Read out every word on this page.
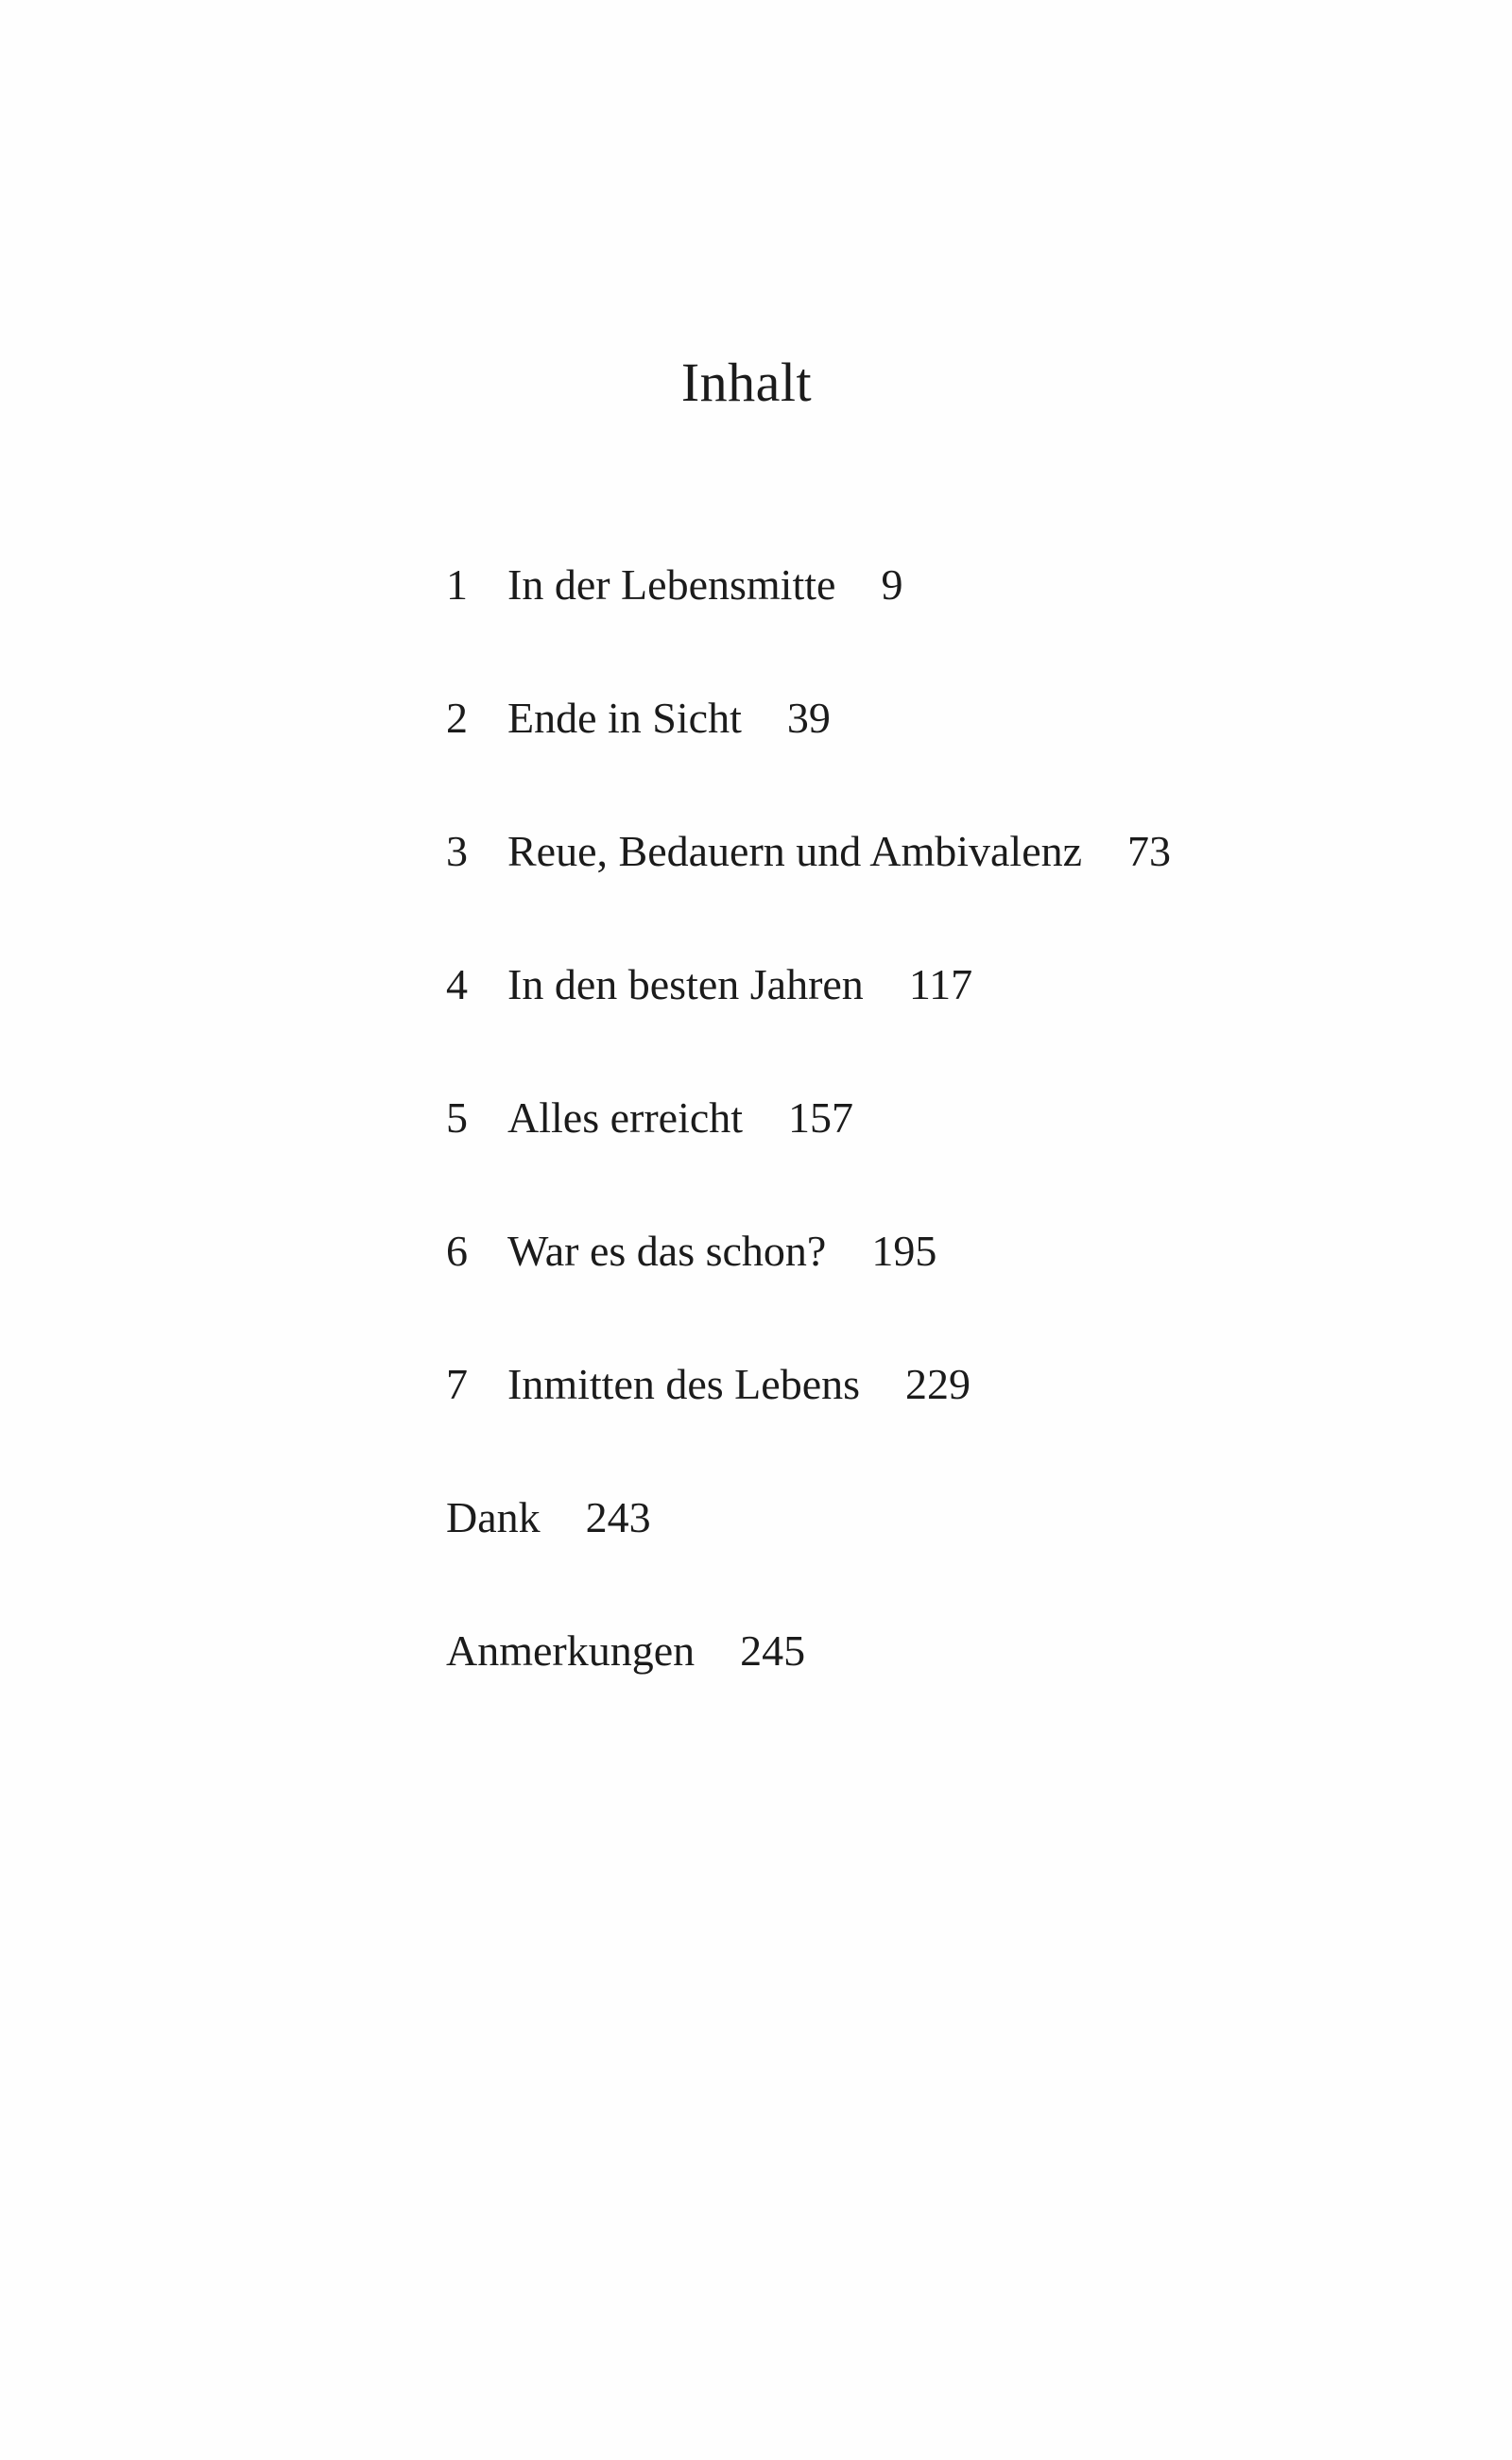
Inhalt
1 In der Lebensmitte 9
2 Ende in Sicht 39
3 Reue, Bedauern und Ambivalenz 73
4 In den besten Jahren 117
5 Alles erreicht 157
6 War es das schon? 195
7 Inmitten des Lebens 229
Dank 243
Anmerkungen 245
